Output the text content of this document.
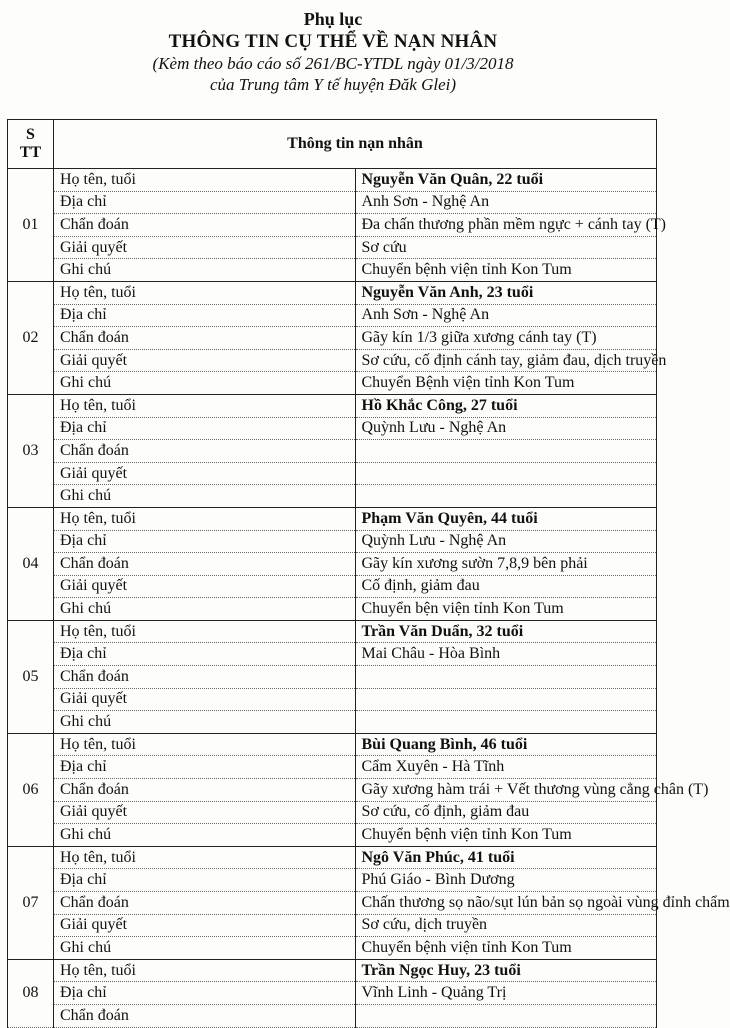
Phụ lục
THÔNG TIN CỤ THỂ VỀ NẠN NHÂN
(Kèm theo báo cáo số 261/BC-YTDL ngày 01/3/2018
của Trung tâm Y tế huyện Đăk Glei)
S
TT	Thông tin nạn nhân	
01	Họ tên, tuổi	Nguyễn Văn Quân, 22 tuổi
	Địa chỉ	Anh Sơn - Nghệ An
	Chẩn đoán	Đa chấn thương phần mềm ngực + cánh tay (T)
	Giải quyết	Sơ cứu
	Ghi chú	Chuyển bệnh viện tỉnh Kon Tum
02	Họ tên, tuổi	Nguyễn Văn Anh, 23 tuổi
	Địa chỉ	Anh Sơn - Nghệ An
	Chẩn đoán	Gãy kín 1/3 giữa xương cánh tay (T)
	Giải quyết	Sơ cứu, cố định cánh tay, giảm đau, dịch truyền
	Ghi chú	Chuyển Bệnh viện tỉnh Kon Tum
03	Họ tên, tuổi	Hồ Khắc Công, 27 tuổi
	Địa chỉ	Quỳnh Lưu - Nghệ An
	Chẩn đoán	
	Giải quyết	
	Ghi chú	
04	Họ tên, tuổi	Phạm Văn Quyên, 44 tuổi
	Địa chỉ	Quỳnh Lưu - Nghệ An
	Chẩn đoán	Gãy kín xương sườn 7,8,9 bên phải
	Giải quyết	Cố định, giảm đau
	Ghi chú	Chuyển bện viện tỉnh Kon Tum
05	Họ tên, tuổi	Trần Văn Duẩn, 32 tuổi
	Địa chỉ	Mai Châu - Hòa Bình
	Chẩn đoán	
	Giải quyết	
	Ghi chú	
06	Họ tên, tuổi	Bùi Quang Bình, 46 tuổi
	Địa chỉ	Cẩm Xuyên - Hà Tĩnh
	Chẩn đoán	Gãy xương hàm trái + Vết thương vùng cẳng chân (T)
	Giải quyết	Sơ cứu, cố định, giảm đau
	Ghi chú	Chuyển bệnh viện tỉnh Kon Tum
07	Họ tên, tuổi	Ngô Văn Phúc, 41 tuổi
	Địa chỉ	Phú Giáo - Bình Dương
	Chẩn đoán	Chấn thương sọ não/sụt lún bản sọ ngoài vùng đỉnh chẩm
	Giải quyết	Sơ cứu, dịch truyền
	Ghi chú	Chuyển bệnh viện tỉnh Kon Tum
08	Họ tên, tuổi	Trần Ngọc Huy, 23 tuổi
	Địa chỉ	Vĩnh Linh - Quảng Trị
	Chẩn đoán	
